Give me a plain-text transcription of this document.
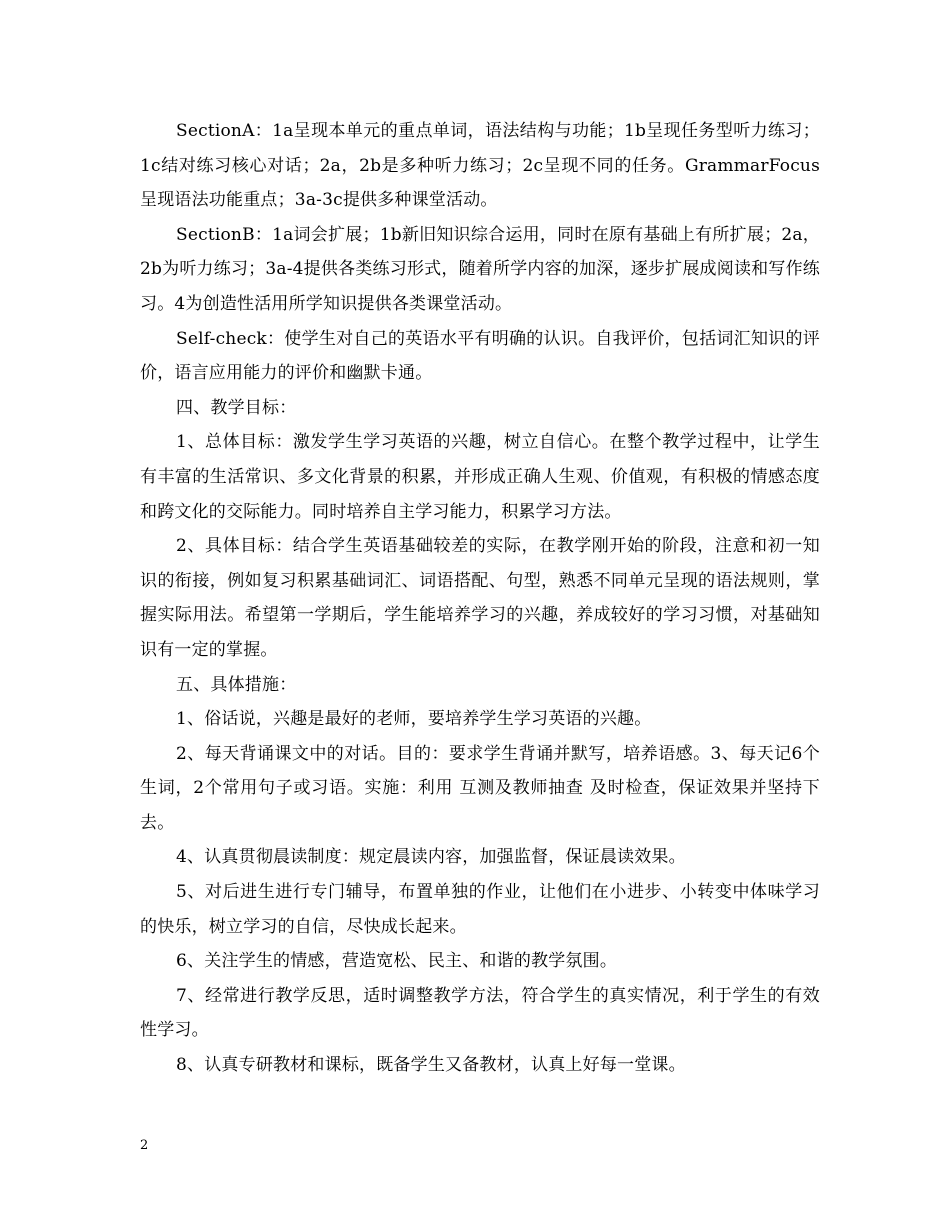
SectionA：1a呈现本单元的重点单词，语法结构与功能；1b呈现任务型听力练习；1c结对练习核心对话；2a，2b是多种听力练习；2c呈现不同的任务。GrammarFocus呈现语法功能重点；3a-3c提供多种课堂活动。

SectionB：1a词会扩展；1b新旧知识综合运用，同时在原有基础上有所扩展；2a，2b为听力练习；3a-4提供各类练习形式，随着所学内容的加深，逐步扩展成阅读和写作练习。4为创造性活用所学知识提供各类课堂活动。

Self-check：使学生对自己的英语水平有明确的认识。自我评价，包括词汇知识的评价，语言应用能力的评价和幽默卡通。

四、教学目标：

1、总体目标：激发学生学习英语的兴趣，树立自信心。在整个教学过程中，让学生有丰富的生活常识、多文化背景的积累，并形成正确人生观、价值观，有积极的情感态度和跨文化的交际能力。同时培养自主学习能力，积累学习方法。

2、具体目标：结合学生英语基础较差的实际，在教学刚开始的阶段，注意和初一知识的衔接，例如复习积累基础词汇、词语搭配、句型，熟悉不同单元呈现的语法规则，掌握实际用法。希望第一学期后，学生能培养学习的兴趣，养成较好的学习习惯，对基础知识有一定的掌握。

五、具体措施：

1、俗话说，兴趣是最好的老师，要培养学生学习英语的兴趣。

2、每天背诵课文中的对话。目的：要求学生背诵并默写，培养语感。3、每天记6个生词，2个常用句子或习语。实施：利用 互测及教师抽查 及时检查，保证效果并坚持下去。

4、认真贯彻晨读制度：规定晨读内容，加强监督，保证晨读效果。

5、对后进生进行专门辅导，布置单独的作业，让他们在小进步、小转变中体味学习的快乐，树立学习的自信，尽快成长起来。

6、关注学生的情感，营造宽松、民主、和谐的教学氛围。

7、经常进行教学反思，适时调整教学方法，符合学生的真实情况，利于学生的有效性学习。

8、认真专研教材和课标，既备学生又备教材，认真上好每一堂课。

2
